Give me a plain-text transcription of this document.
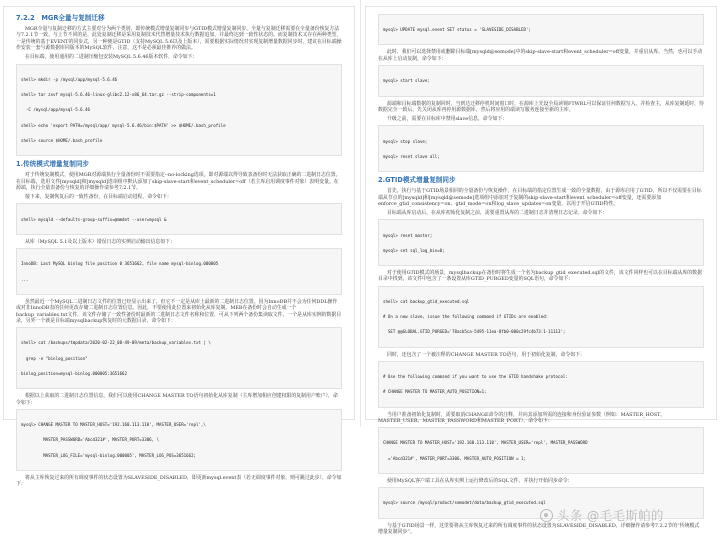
7.2.2　MGR全量与复制迁移

MGR全量与复制迁移的方式主要对分为两个类别，即传统模式增量复制同步与GTID模式增量复制同步。全量与复制迁移需要在全量备份恢复方法与7.2.1节一致。与上节不同的是，此处复制迁移是采用复制技术代替增量技术执行数据追加，并最终达到一致性状态的。而复制技术又存在两种类型，一是传统的基于EVENT的同步式，另一种便是GTID（支持MySQL 5.6以及上版本），需要根据实际情况对实现复制增量数据同步时，建议在目标端操作安装一套与源数据库同版本的MySQL软件，注意，这不是必须最佳推荐的做法。

在目标端，使用通用的二进制压缩包安装MySQL 5.6.46版本软件，命令如下：

shell> mkdir -p /mysql/app/mysql-5.6.46

shell> tar zxvf mysql-5.6.46-linux-glibc2.12-x86_64.tar.gz --strip-components=1

-C /mysql/app/mysql-5.6.46

shell> echo 'export PATH=/mysql/app/ mysql-5.6.46/bin:$PATH' >> $HOME/.bash_profile

shell> source $HOME/.bash_profile

1.传统模式增量复制同步

对于传统复制模式，使用MGR对源端执行全量备份时不需要指定--no-locking选项。即对源端以得导致表备份时无法获取正确的二进制日志位置。在目标端，选用文件[mysqld]和[mysqld]选项组中默认添加了skip-slave-start和event_scheduler=off（若主库启用调度事件对象）表明变量。在源端，执行全量表备份与恢复的详细操作请参考7.2.1节。

接下来，复制恢复后的一致性备份，在目标端启动进程，命令如下：

shell> mysqld --defaults-group-suffix=@mmdet --user=mysql &

从库（MySQL 5.1及以上版本）错误日志的实例启动输出信息如下：

InnoDB: Last MySQL binlog file position 0 3651662, file name mysql-binlog.000005

...

虽然最近一个MySQL二进制日志文件的位置已经显示出来了，但它不一定是从库上最新的二进制日志位置。因为InnoDB并不会为任何DDL操作或对非InnoDB表的任何更改存储二进制日志位置信息。因此，不要使用此位置来初始化从库复制。MEB在备份时会自动生成一个backup_variables.txt文件，该文件存储了一致性备份时最新的二进制日志文件名称和位置，可从下列两个备份集读取文件，一个是从库实例的数据目录，另外一个就是目标端mysqlbackup恢复时的元数据目录，命令如下：

shell> cat /backups/tmpdata/2020-02-22_08-49-09/meta/backup_variables.txt | \

grep -e "binlog_position"

binlog_position=mysql-binlog.000005:3651662

根据以上获取的二进制日志位置信息，我们可以使用CHANGE MASTER TO语句初始化从库复制（主库增加相应创建权限的复制用户账户），命令如下：

mysql> CHANGE MASTER TO MASTER_HOST='192.168.113.110', MASTER_USER='repl',\

MASTER_PASSWORD='Abcd321#', MASTER_PORT=3306, \

MASTER_LOG_FILE='mysql-binlog.000005', MASTER_LOG_POS=3651662;

将从主库恢复过来的所有调度事件的状态设置为SLAVESIDE_DISABLED，即更新mysql.event表（若无调度事件对象，则可跳过此步），命令如下：

mysql> UPDATE mysql.event SET status = 'SLAVESIDE_DISABLED';

此时，我们可以选择禁用或删除目标端[mysqld@semode]中的skip-slave-start和event_scheduler=off变量，并重启从库。当然，也可以手动在从库上启动复制，命令如下：

mysql> start slave;

源端和目标端数据的复制同时，当到达迁移停机时间窗口时，在源库上先设全局读锁FTWRL可以保证任何数据写入，并检查主，从库复制延时，待数据完全一致后，先关闭从库再停用源数据库，然后将应用的端读写服务连接至新的主库。

升级之前，需要在目标库中禁用slave信息，命令如下：

mysql> stop slave;

mysql> reset slave all;

2.GTID模式增量复制同步

首先，执行与基于GTID场景相同的全量备份与恢复操作，在目标端的指定位置生成一致的全量数据，由于源库启用了GTID，所以不仅需要在目标端从节点的[mysqld]和[mysqld@semode]选项组中添加对于复制的skip-slave-start和event_scheduler=off变量，还需要添加enforce_gtid_consistency=on、gtid_mode=on和log_slave_updates=on变量，以用于开启GTID特性。

目标端从库启动后，在从库初始化复制之前，需要重置从库的二进制日志并清理日志记录，命令如下：

mysql> reset master;

mysql> set sql_log_bin=0;

对于使用GTID模式的场景，mysqlbackup在备份时将生成一个名为backup_gtid_executed.sql的文件，该文件同样也可以在目标端从库的数据目录中找到，该文件中包含了一条设置从库GTID_PURGED变量的SQL语句，命令如下：

shell> cat backup_gtid_executed.sql

# On a new slave, issue the following command if GTIDs are enabled:

SET @@GLOBAL.GTID_PURGED='78acb5ca-5495-11ea-8fb0-000c29fc4b73:1-11113';

同时，还包含了一个被注释的CHANGE MASTER TO语句，用于初始化复制，命令如下：

# Use the following command if you want to use the GTID handshake protocol:

# CHANGE MASTER TO MASTER_AUTO_POSITION=1;

当用户准备初始化复制时，需要取消CHANGE命令的注释，并向其添加所需的连接和身份验证参数（例如：MASTER_HOST、MASTER_USER、MASTER_PASSWORD和MASTER_PORT），命令如下：

CHANGE MASTER TO MASTER_HOST='192.168.113.110', MASTER_USER='repl', MASTER_PASSWORD

='Abcd321#', MASTER_PORT=3306, MASTER_AUTO_POSITION = 1;

使用MySQL客户端工具在从库实例上运行修改后的SQL文件，并执行开始同步命令：

mysql> source /mysql/product/semodet/data/backup_gtid_executed.sql

与基于GTID场景一样，这里要将从主库恢复过来的所有调度事件的状态设置为SLAVESIDE_DISABLED，详细操作请参考7.2.2节的“传统模式增量复制同步”。

头条 @毛毛斯帕的
